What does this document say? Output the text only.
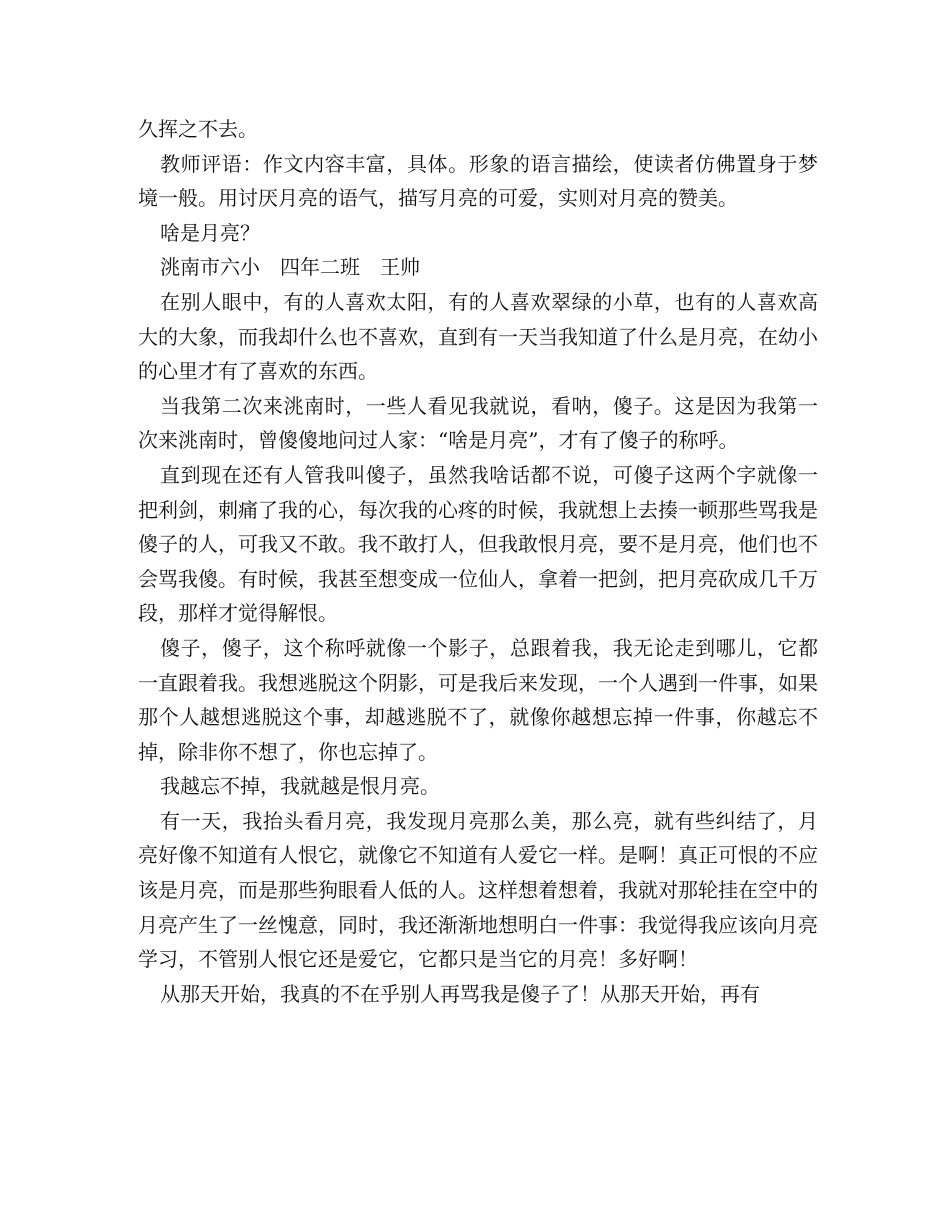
久挥之不去。

教师评语：作文内容丰富，具体。形象的语言描绘，使读者仿佛置身于梦境一般。用讨厌月亮的语气，描写月亮的可爱，实则对月亮的赞美。

啥是月亮？

洮南市六小　四年二班　王帅

在别人眼中，有的人喜欢太阳，有的人喜欢翠绿的小草，也有的人喜欢高大的大象，而我却什么也不喜欢，直到有一天当我知道了什么是月亮，在幼小的心里才有了喜欢的东西。

当我第二次来洮南时，一些人看见我就说，看呐，傻子。这是因为我第一次来洮南时，曾傻傻地问过人家：“啥是月亮”，才有了傻子的称呼。

直到现在还有人管我叫傻子，虽然我啥话都不说，可傻子这两个字就像一把利剑，刺痛了我的心，每次我的心疼的时候，我就想上去揍一顿那些骂我是傻子的人，可我又不敢。我不敢打人，但我敢恨月亮，要不是月亮，他们也不会骂我傻。有时候，我甚至想变成一位仙人，拿着一把剑，把月亮砍成几千万段，那样才觉得解恨。

傻子，傻子，这个称呼就像一个影子，总跟着我，我无论走到哪儿，它都一直跟着我。我想逃脱这个阴影，可是我后来发现，一个人遇到一件事，如果那个人越想逃脱这个事，却越逃脱不了，就像你越想忘掉一件事，你越忘不掉，除非你不想了，你也忘掉了。

我越忘不掉，我就越是恨月亮。

有一天，我抬头看月亮，我发现月亮那么美，那么亮，就有些纠结了，月亮好像不知道有人恨它，就像它不知道有人爱它一样。是啊！真正可恨的不应该是月亮，而是那些狗眼看人低的人。这样想着想着，我就对那轮挂在空中的月亮产生了一丝愧意，同时，我还渐渐地想明白一件事：我觉得我应该向月亮学习，不管别人恨它还是爱它，它都只是当它的月亮！多好啊！

从那天开始，我真的不在乎别人再骂我是傻子了！从那天开始，再有
